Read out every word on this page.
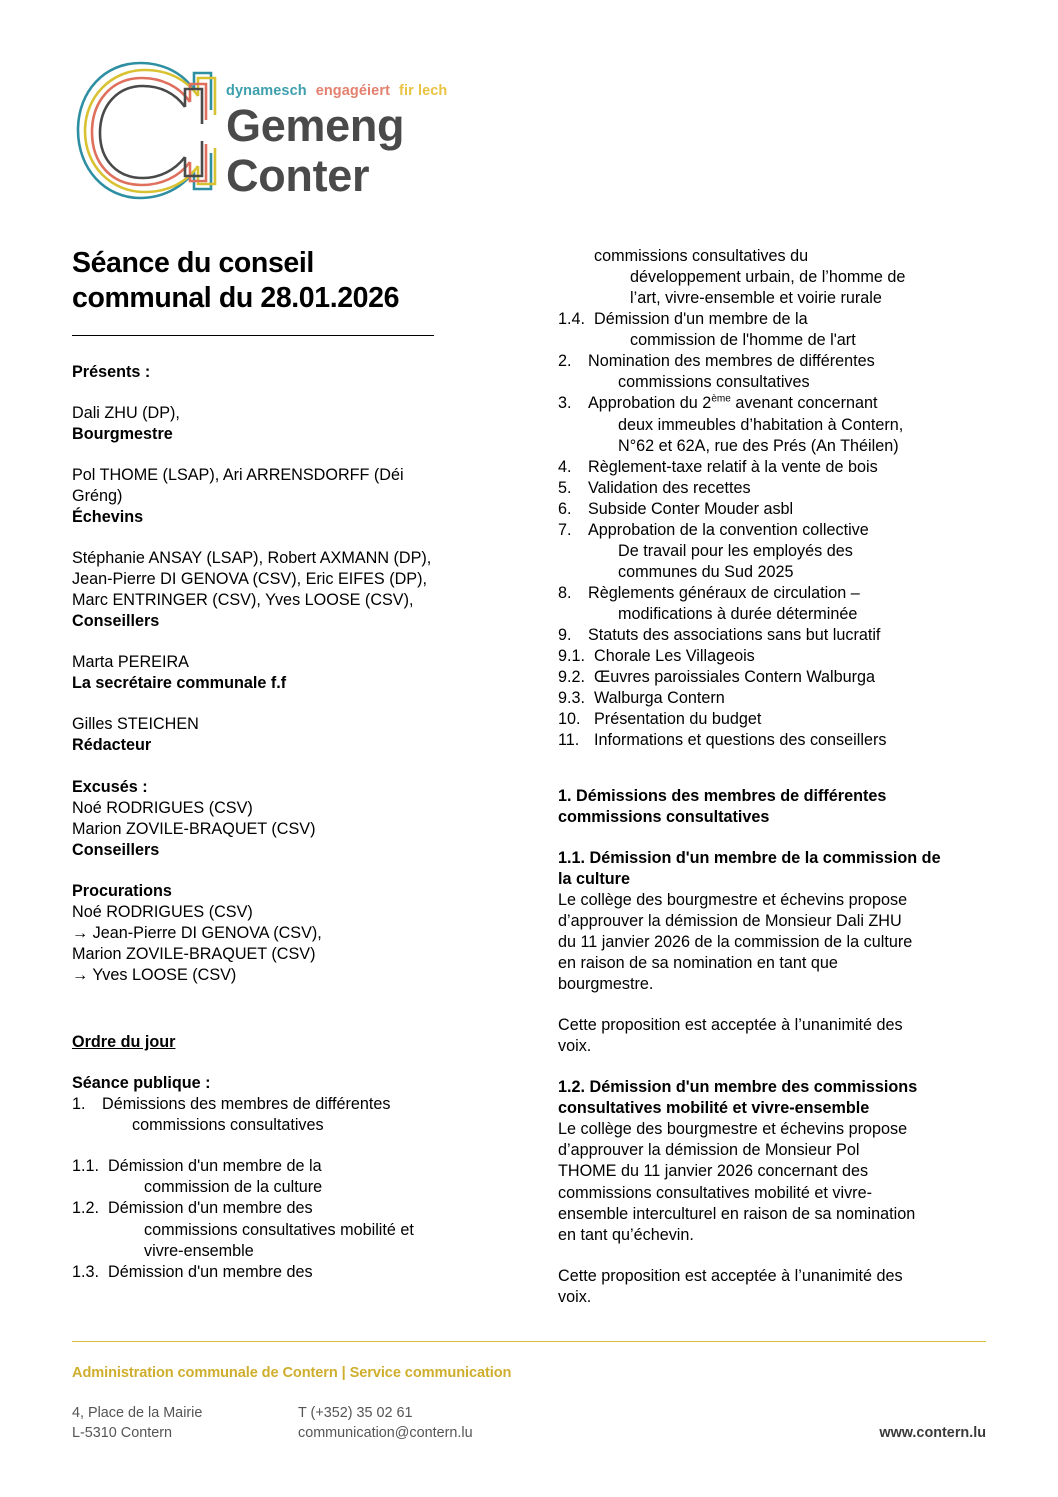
dynamesch engagéiert fir lech
Gemeng
Conter
Séance du conseil
communal du 28.01.2026
Présents :
Dali ZHU (DP),
Bourgmestre
Pol THOME (LSAP), Ari ARRENSDORFF (Déi
Gréng)
Échevins
Stéphanie ANSAY (LSAP), Robert AXMANN (DP),
Jean-Pierre DI GENOVA (CSV), Eric EIFES (DP),
Marc ENTRINGER (CSV), Yves LOOSE (CSV),
Conseillers
Marta PEREIRA
La secrétaire communale f.f
Gilles STEICHEN
Rédacteur
Excusés :
Noé RODRIGUES (CSV)
Marion ZOVILE-BRAQUET (CSV)
Conseillers
Procurations
Noé RODRIGUES (CSV)
→ Jean-Pierre DI GENOVA (CSV),
Marion ZOVILE-BRAQUET (CSV)
→ Yves LOOSE (CSV)
Ordre du jour
Séance publique :
1. Démissions des membres de différentes
commissions consultatives
1.1. Démission d'un membre de la
commission de la culture
1.2. Démission d'un membre des
commissions consultatives mobilité et
vivre-ensemble
1.3. Démission d'un membre des
commissions consultatives du
développement urbain, de l’homme de
l’art, vivre-ensemble et voirie rurale
1.4. Démission d'un membre de la
commission de l'homme de l'art
2. Nomination des membres de différentes
commissions consultatives
3. Approbation du 2ème avenant concernant
deux immeubles d’habitation à Contern,
N°62 et 62A, rue des Prés (An Théilen)
4. Règlement-taxe relatif à la vente de bois
5. Validation des recettes
6. Subside Conter Mouder asbl
7. Approbation de la convention collective
De travail pour les employés des
communes du Sud 2025
8. Règlements généraux de circulation –
modifications à durée déterminée
9. Statuts des associations sans but lucratif
9.1. Chorale Les Villageois
9.2. Œuvres paroissiales Contern Walburga
9.3. Walburga Contern
10. Présentation du budget
11. Informations et questions des conseillers
1. Démissions des membres de différentes
commissions consultatives
1.1. Démission d'un membre de la commission de
la culture
Le collège des bourgmestre et échevins propose
d’approuver la démission de Monsieur Dali ZHU
du 11 janvier 2026 de la commission de la culture
en raison de sa nomination en tant que
bourgmestre.
Cette proposition est acceptée à l’unanimité des
voix.
1.2. Démission d'un membre des commissions
consultatives mobilité et vivre-ensemble
Le collège des bourgmestre et échevins propose
d’approuver la démission de Monsieur Pol
THOME du 11 janvier 2026 concernant des
commissions consultatives mobilité et vivre-
ensemble interculturel en raison de sa nomination
en tant qu’échevin.
Cette proposition est acceptée à l’unanimité des
voix.
Administration communale de Contern | Service communication
4, Place de la Mairie
L-5310 Contern
T (+352) 35 02 61
communication@contern.lu	www.contern.lu
